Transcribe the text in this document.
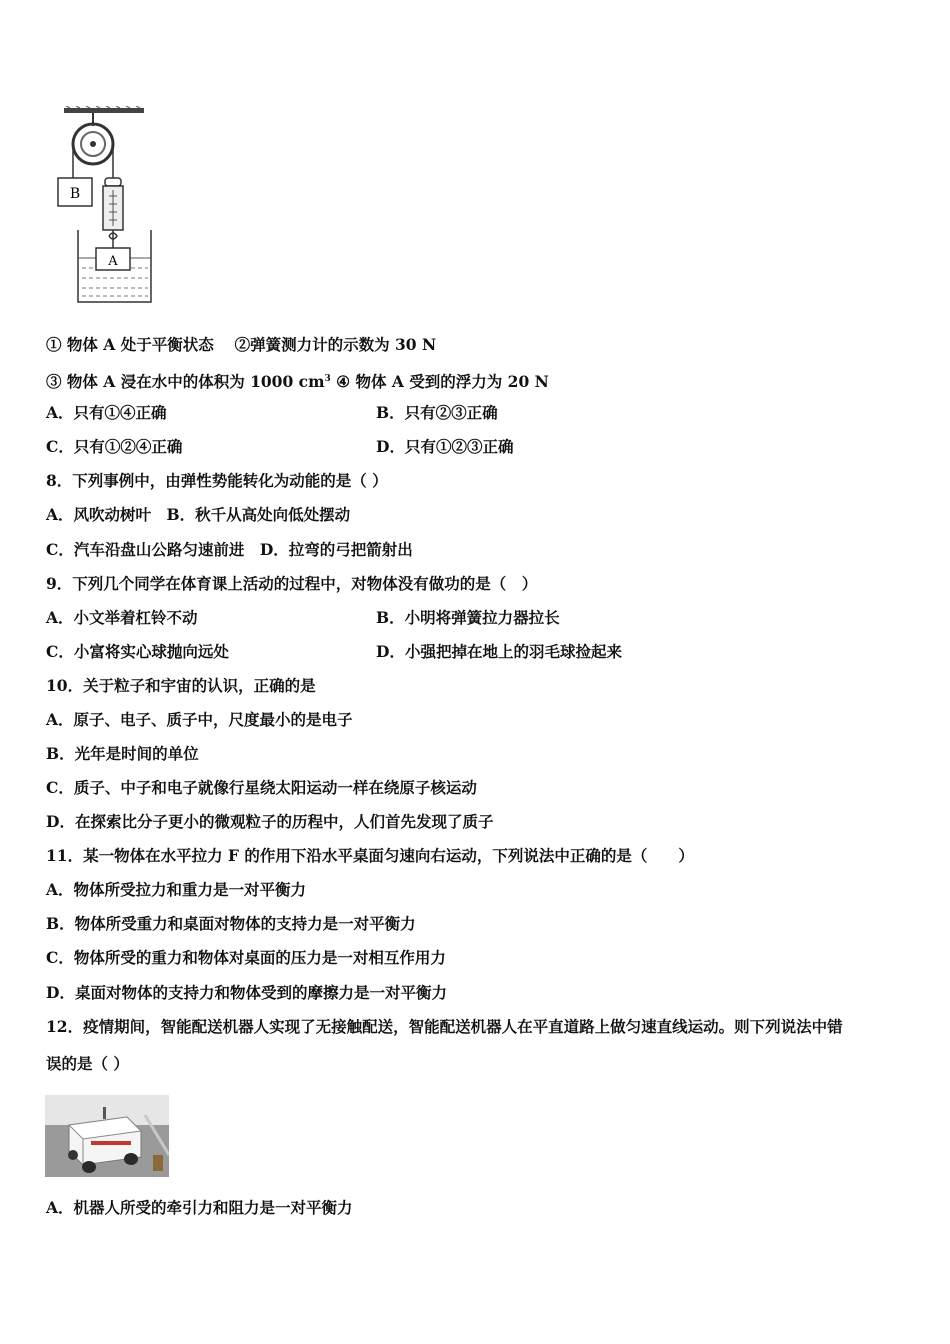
B
A
① 物体 A 处于平衡状态　 ②弹簧测力计的示数为 30 N
③ 物体 A 浸在水中的体积为 1000 $cm^3$ ④ 物体 A 受到的浮力为 20 N
A．只有①④正确	B．只有②③正确
C．只有①②④正确	D．只有①②③正确
8．下列事例中，由弹性势能转化为动能的是（ ）
A．风吹动树叶　B．秋千从高处向低处摆动
C．汽车沿盘山公路匀速前进　D．拉弯的弓把箭射出
9．下列几个同学在体育课上活动的过程中，对物体没有做功的是（　）
A．小文举着杠铃不动	B．小明将弹簧拉力器拉长
C．小富将实心球抛向远处	D．小强把掉在地上的羽毛球捡起来
10．关于粒子和宇宙的认识，正确的是
A．原子、电子、质子中，尺度最小的是电子
B．光年是时间的单位
C．质子、中子和电子就像行星绕太阳运动一样在绕原子核运动
D．在探索比分子更小的微观粒子的历程中，人们首先发现了质子
11．某一物体在水平拉力 F 的作用下沿水平桌面匀速向右运动，下列说法中正确的是（　　）
A．物体所受拉力和重力是一对平衡力
B．物体所受重力和桌面对物体的支持力是一对平衡力
C．物体所受的重力和物体对桌面的压力是一对相互作用力
D．桌面对物体的支持力和物体受到的摩擦力是一对平衡力
12．疫情期间，智能配送机器人实现了无接触配送，智能配送机器人在平直道路上做匀速直线运动。则下列说法中错
误的是（ ）
A．机器人所受的牵引力和阻力是一对平衡力
